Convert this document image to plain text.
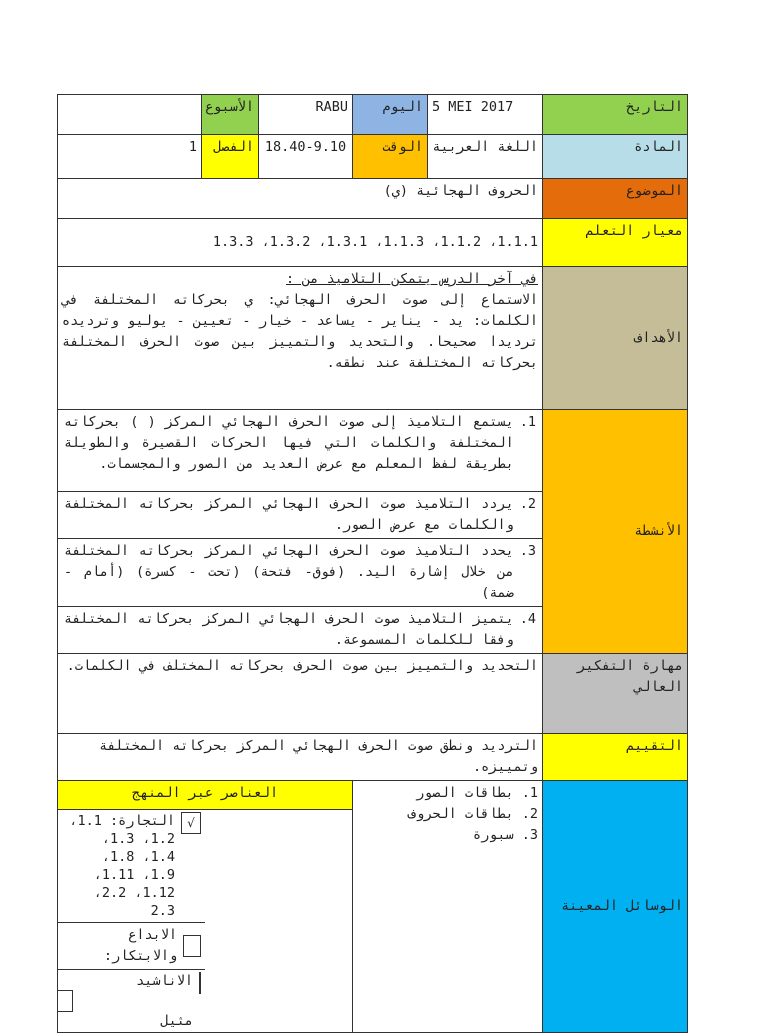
	الأسبوع	RABU	اليوم	5 MEI 2017	التاريخ
1	الفصل	18.40-9.10	الوقت	اللغة العربية	المادة
الحروف الهجائية (ي)	الموضوع
1.1.1، 1.1.2، 1.1.3، 1.3.1، 1.3.2، 1.3.3	معيار التعلم

في آخر الدرس يتمكن التلاميذ من :
الاستماع إلى صوت الحرف الهجائي: ي بحركاته المختلفة في الكلمات: يد - يناير - يساعد - خيار - تعيين - يوليو وترديده ترديدا صحيحا. والتحديد والتمييز بين صوت الحرف المختلفة بحركاته المختلفة عند نطقه.
	الأهداف

1.
يستمع التلاميذ إلى صوت الحرف الهجائي المركز ( ) بحركاته المختلفة والكلمات التي فيها الحركات القصيرة والطويلة بطريقة لفظ المعلم مع عرض العديد من الصور والمجسمات.
	الأنشطة

2.
يردد التلاميذ صوت الحرف الهجائي المركز بحركاته المختلفة والكلمات مع عرض الصور.

3.
يحدد التلاميذ صوت الحرف الهجائي المركز بحركاته المختلفة من خلال إشارة اليد. (فوق- فتحة) (تحت - كسرة) (أمام - ضمة)

4.
يتميز التلاميذ صوت الحرف الهجائي المركز بحركاته المختلفة وفقا للكلمات المسموعة.

التحديد والتمييز بين صوت الحرف بحركاته المختلف في الكلمات.	مهارة التفكير العالي
الترديد ونطق صوت الحرف الهجائي المركز بحركاته المختلفة وتمييزه.	التقييم

العناصر عبر المنهج

√
التجارة: 1.1، 1.2، 1.3، 1.4، 1.8، 1.9، 1.11، 1.12، 2.2، 2.3

الابداع والابتكار:

الاناشيد  مثيل

1. بطاقات الصور
2. بطاقات الحروف
3. سبورة
	الوسائل المعينة
